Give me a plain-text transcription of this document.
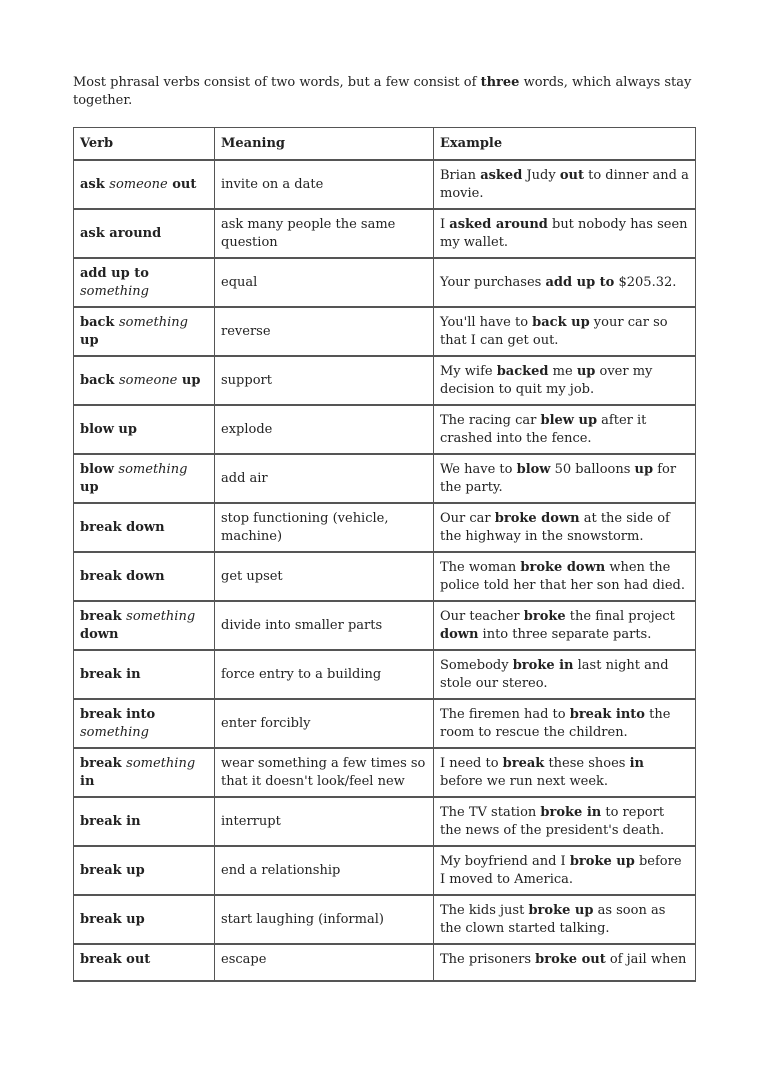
Most phrasal verbs consist of two words, but a few consist of three words, which always stay together.
Verb	Meaning	Example
ask someone out	invite on a date	Brian asked Judy out to dinner and a movie.
ask around	ask many people the same question	I asked around but nobody has seen my wallet.
add up to something	equal	Your purchases add up to $205.32.
back something up	reverse	You'll have to back up your car so that I can get out.
back someone up	support	My wife backed me up over my decision to quit my job.
blow up	explode	The racing car blew up after it crashed into the fence.
blow something up	add air	We have to blow 50 balloons up for the party.
break down	stop functioning (vehicle, machine)	Our car broke down at the side of the highway in the snowstorm.
break down	get upset	The woman broke down when the police told her that her son had died.
break something down	divide into smaller parts	Our teacher broke the final project down into three separate parts.
break in	force entry to a building	Somebody broke in last night and stole our stereo.
break into something	enter forcibly	The firemen had to break into the room to rescue the children.
break something in	wear something a few times so that it doesn't look/feel new	I need to break these shoes in before we run next week.
break in	interrupt	The TV station broke in to report the news of the president's death.
break up	end a relationship	My boyfriend and I broke up before I moved to America.
break up	start laughing (informal)	The kids just broke up as soon as the clown started talking.
break out	escape	The prisoners broke out of jail when
